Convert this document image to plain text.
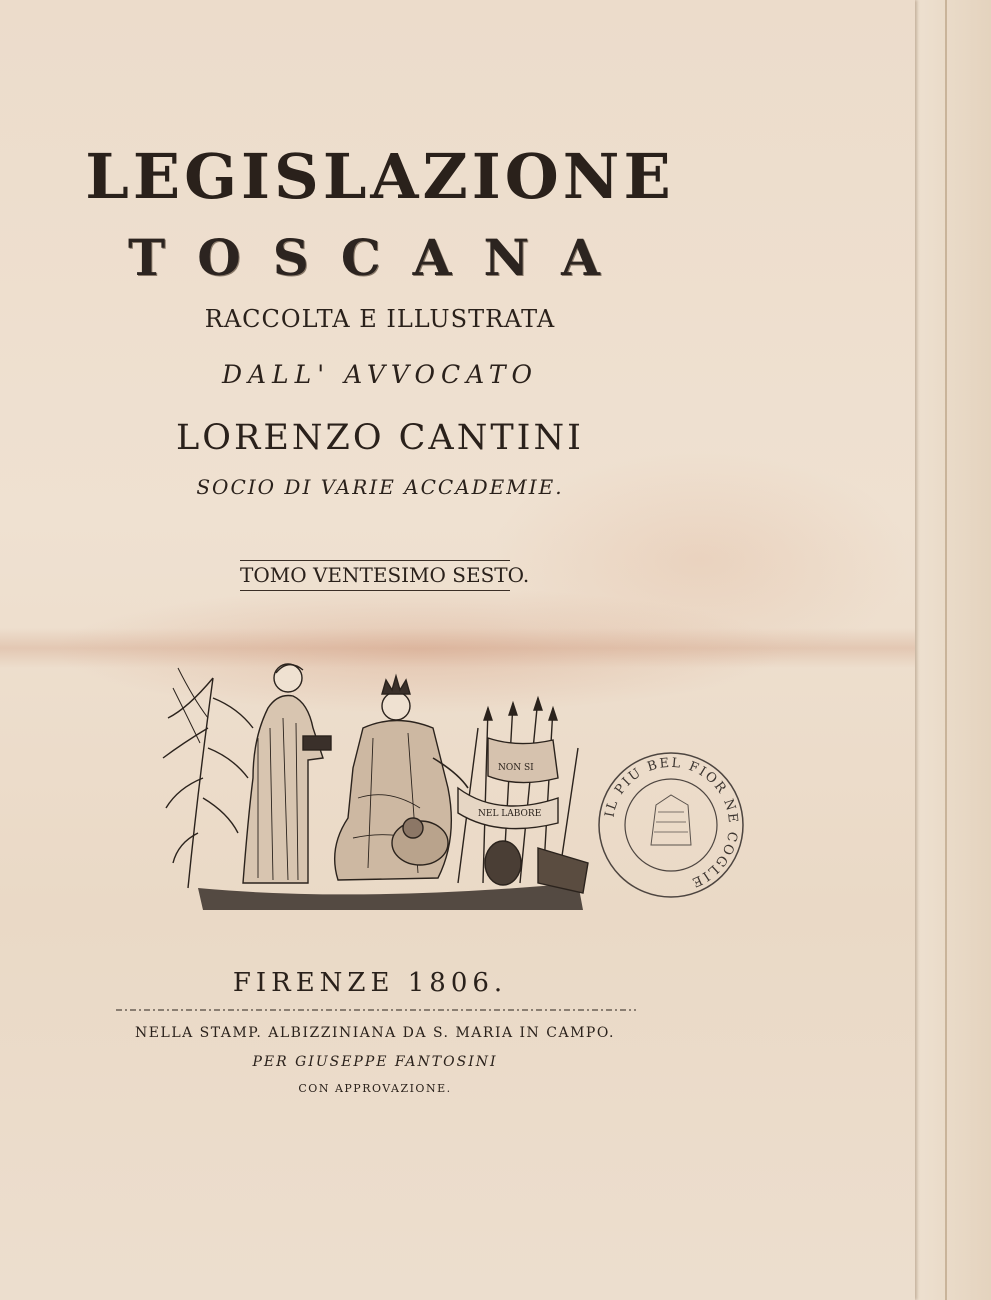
LEGISLAZIONE
TOSCANA
RACCOLTA E ILLUSTRATA
DALL' AVVOCATO
LORENZO CANTINI
SOCIO DI VARIE ACCADEMIE.
TOMO VENTESIMO SESTO.
NON SI
NEL LABORE	IL PIU BEL FIOR NE COGLIE
FIRENZE 1806.
NELLA STAMP. ALBIZZINIANA DA S. MARIA IN CAMPO.
PER GIUSEPPE FANTOSINI
CON APPROVAZIONE.
